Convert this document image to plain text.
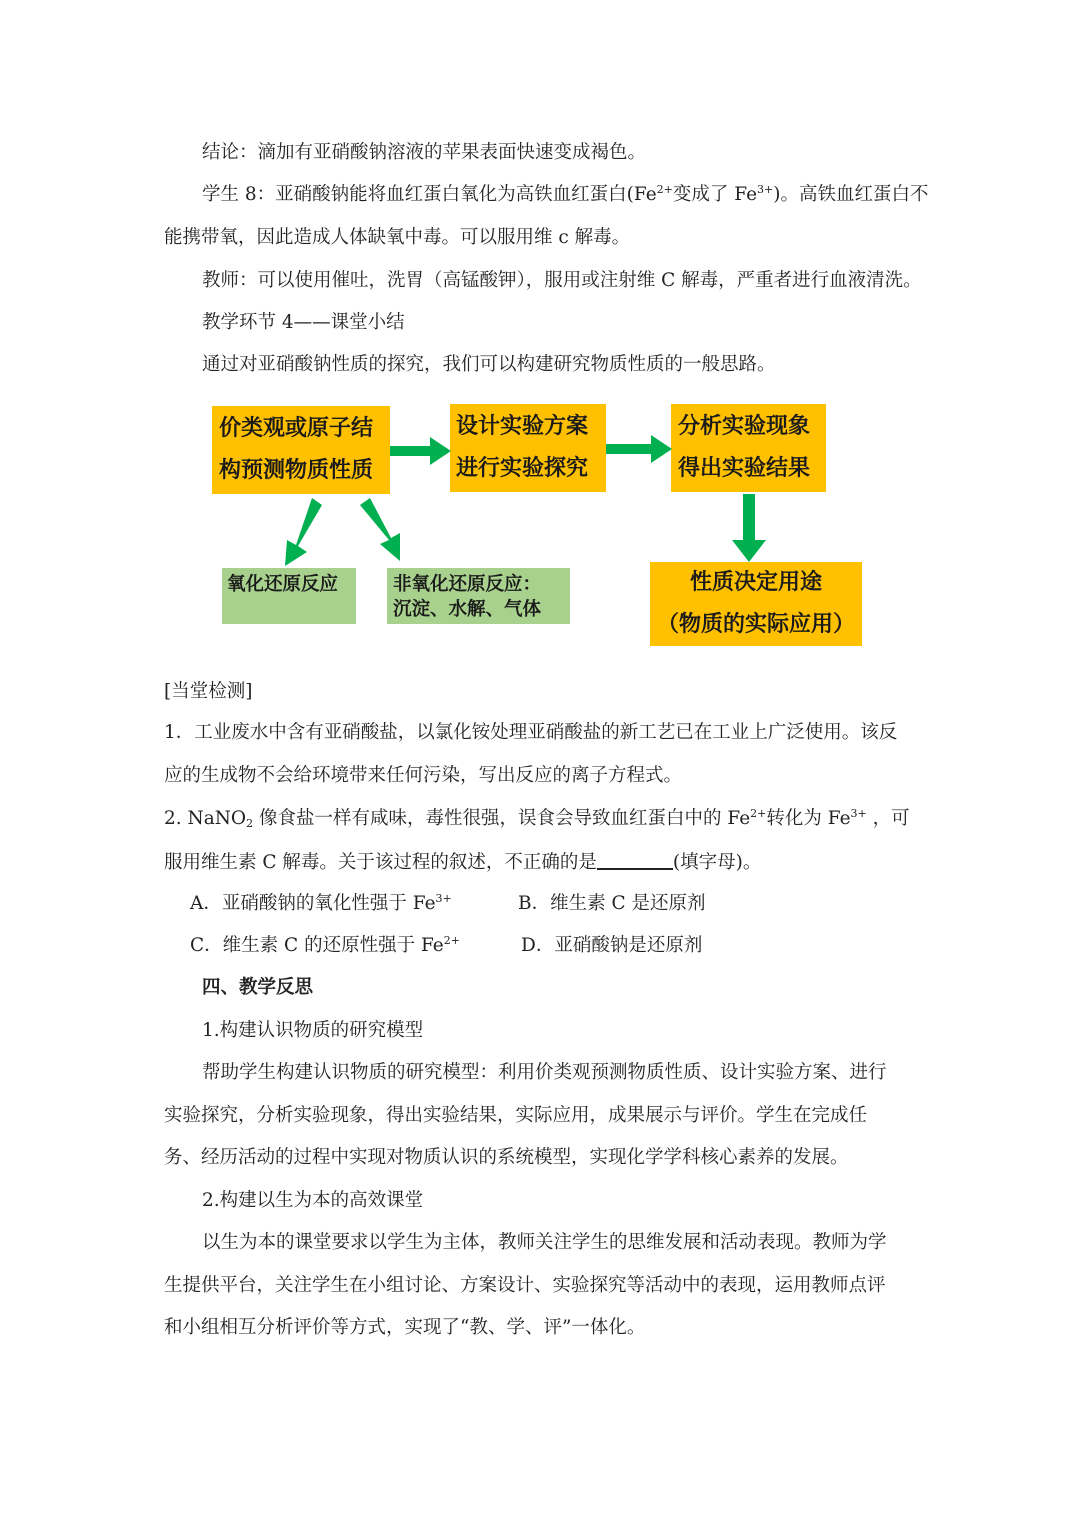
结论：滴加有亚硝酸钠溶液的苹果表面快速变成褐色。
学生 8：亚硝酸钠能将血红蛋白氧化为高铁血红蛋白($Fe^{2+}$变成了 $Fe^{3+}$)。高铁血红蛋白不
能携带氧，因此造成人体缺氧中毒。可以服用维 c 解毒。
教师：可以使用催吐，洗胃（高锰酸钾），服用或注射维 C 解毒，严重者进行血液清洗。
教学环节 4——课堂小结
通过对亚硝酸钠性质的探究，我们可以构建研究物质性质的一般思路。
价类观或原子结
构预测物质性质
设计实验方案
进行实验探究
分析实验现象
得出实验结果
性质决定用途
（物质的实际应用）
氧化还原反应	非氧化还原反应：
沉淀、水解、气体
[当堂检测]
1．工业废水中含有亚硝酸盐，以氯化铵处理亚硝酸盐的新工艺已在工业上广泛使用。该反
应的生成物不会给环境带来任何污染，写出反应的离子方程式。
2. NaNO$_2$ 像食盐一样有咸味，毒性很强，误食会导致血红蛋白中的 $Fe^{2+}$转化为 $Fe^{3+}$ ，可
服用维生素 C 解毒。关于该过程的叙述，不正确的是	(填字母)。
A．亚硝酸钠的氧化性强于 $Fe^{3+}$	B．维生素 C 是还原剂
C．维生素 C 的还原性强于 $Fe^{2+}$	D．亚硝酸钠是还原剂
四、教学反思
1.构建认识物质的研究模型
帮助学生构建认识物质的研究模型：利用价类观预测物质性质、设计实验方案、进行
实验探究，分析实验现象，得出实验结果，实际应用，成果展示与评价。学生在完成任
务、经历活动的过程中实现对物质认识的系统模型，实现化学学科核心素养的发展。
2.构建以生为本的高效课堂
以生为本的课堂要求以学生为主体，教师关注学生的思维发展和活动表现。教师为学
生提供平台，关注学生在小组讨论、方案设计、实验探究等活动中的表现，运用教师点评
和小组相互分析评价等方式，实现了“教、学、评”一体化。
